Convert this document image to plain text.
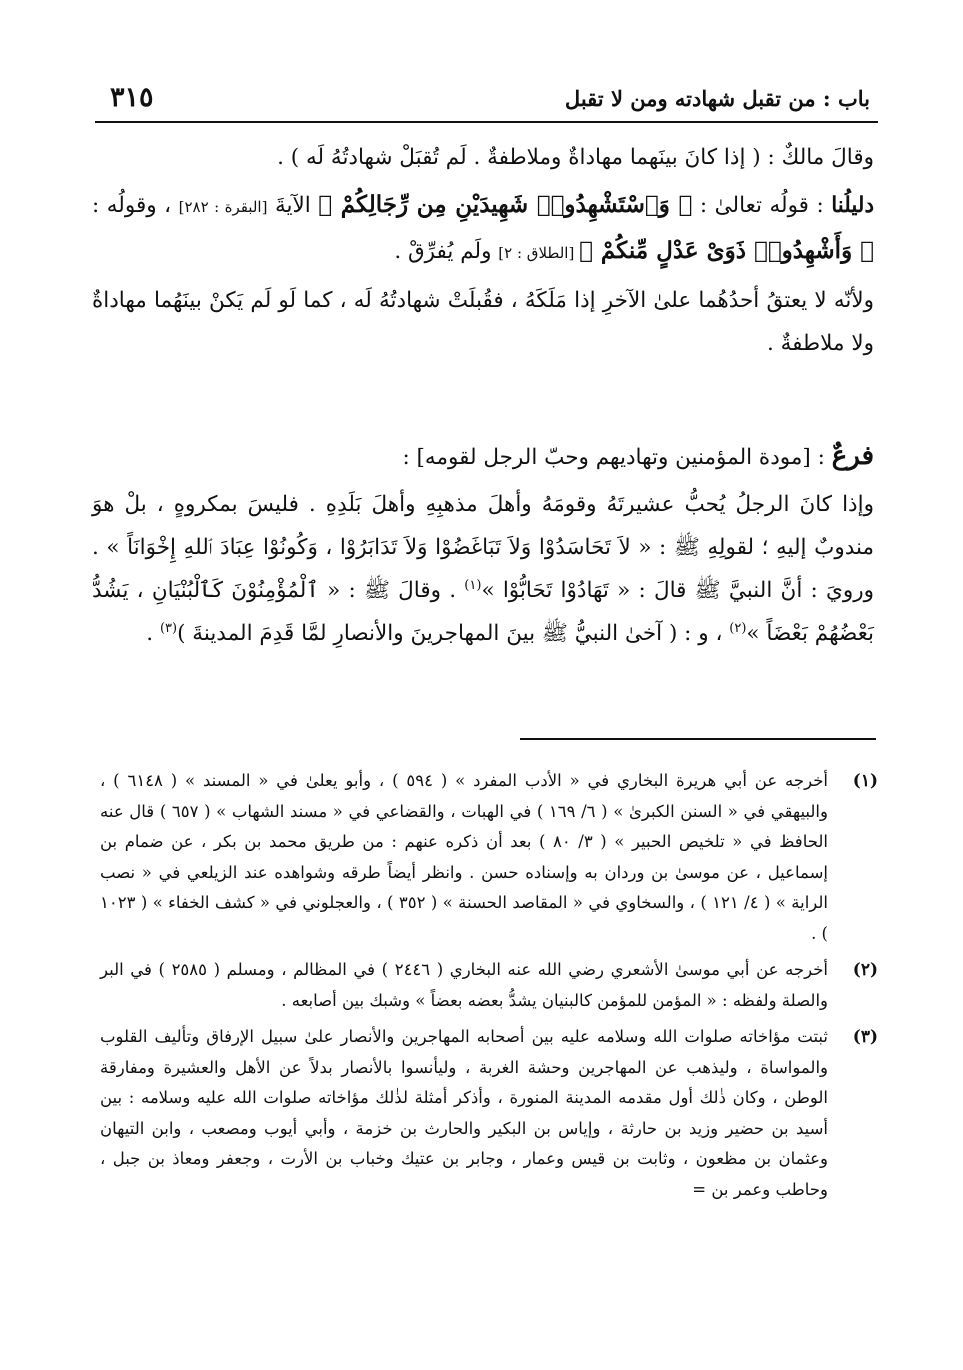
باب : من تقبل شهادته ومن لا تقبل
٣١٥

وقالَ مالكٌ : ( إذا كانَ بينَهما مهاداةٌ وملاطفةٌ . لَم تُقبَلْ شهادتُهُ لَه ) .

دليلُنا : قولُه تعالىٰ : ﴿ وَٱسْتَشْهِدُوا۟ شَهِيدَيْنِ مِن رِّجَالِكُمْ ﴾ الآيةَ [البقرة : ٢٨٢] ، وقولُه : ﴿ وَأَشْهِدُوا۟ ذَوَىْ عَدْلٍ مِّنكُمْ ﴾ [الطلاق : ٢] ولَم يُفرِّقْ .

ولأنّه لا يعتقُ أحدُهُما علىٰ الآخرِ إذا مَلَكَهُ ، فقُبلَتْ شهادتُهُ لَه ، كما لَو لَم يَكنْ بينَهُما مهاداةٌ ولا ملاطفةٌ .

فرعٌ : [مودة المؤمنين وتهاديهم وحبّ الرجل لقومه] :

وإذا كانَ الرجلُ يُحبُّ عشيرتَهُ وقومَهُ وأهلَ مذهبِهِ وأهلَ بَلَدِهِ . فليسَ بمكروهٍ ، بلْ هوَ مندوبٌ إليهِ ؛ لقولِهِ ﷺ : « لاَ تَحَاسَدُوْا وَلاَ تَبَاغَضُوْا وَلاَ تَدَابَرُوْا ، وَكُونُوْا عِبَادَ ٱللهِ إِخْوَانَاً » . ورويَ : أنَّ النبيَّ ﷺ قالَ : « تَهَادُوْا تَحَابُّوْا »$^{(١)}$ . وقالَ ﷺ : « ٱلْمُؤْمِنُوْنَ كَٱلْبُنْيَانِ ، يَشُدُّ بَعْضُهُمْ بَعْضَاً »$^{(٢)}$ ، و : ( آخىٰ النبيُّ ﷺ بينَ المهاجرينَ والأنصارِ لمَّا قَدِمَ المدينةَ )$^{(٣)}$ .

(١)
أخرجه عن أبي هريرة البخاري في « الأدب المفرد » ( ٥٩٤ ) ، وأبو يعلىٰ في « المسند » ( ٦١٤٨ ) ، والبيهقي في « السنن الكبرىٰ » ( ٦/ ١٦٩ ) في الهبات ، والقضاعي في « مسند الشهاب » ( ٦٥٧ ) قال عنه الحافظ في « تلخيص الحبير » ( ٣/ ٨٠ ) بعد أن ذكره عنهم : من طريق محمد بن بكر ، عن ضمام بن إسماعيل ، عن موسىٰ بن وردان به وإسناده حسن . وانظر أيضاً طرقه وشواهده عند الزيلعي في « نصب الراية » ( ٤/ ١٢١ ) ، والسخاوي في « المقاصد الحسنة » ( ٣٥٢ ) ، والعجلوني في « كشف الخفاء » ( ١٠٢٣ ) .
(٢)
أخرجه عن أبي موسىٰ الأشعري رضي الله عنه البخاري ( ٢٤٤٦ ) في المظالم ، ومسلم ( ٢٥٨٥ ) في البر والصلة ولفظه : « المؤمن للمؤمن كالبنيان يشدُّ بعضه بعضاً » وشبك بين أصابعه .
(٣)
ثبتت مؤاخاته صلوات الله وسلامه عليه بين أصحابه المهاجرين والأنصار علىٰ سبيل الإرفاق وتأليف القلوب والمواساة ، وليذهب عن المهاجرين وحشة الغربة ، وليأنسوا بالأنصار بدلاً عن الأهل والعشيرة ومفارقة الوطن ، وكان ذٰلك أول مقدمه المدينة المنورة ، وأذكر أمثلة لذٰلك مؤاخاته صلوات الله عليه وسلامه : بين أسيد بن حضير وزيد بن حارثة ، وإياس بن البكير والحارث بن خزمة ، وأبي أيوب ومصعب ، وابن التيهان وعثمان بن مظعون ، وثابت بن قيس وعمار ، وجابر بن عتيك وخباب بن الأرت ، وجعفر ومعاذ بن جبل ، وحاطب وعمر بن =
